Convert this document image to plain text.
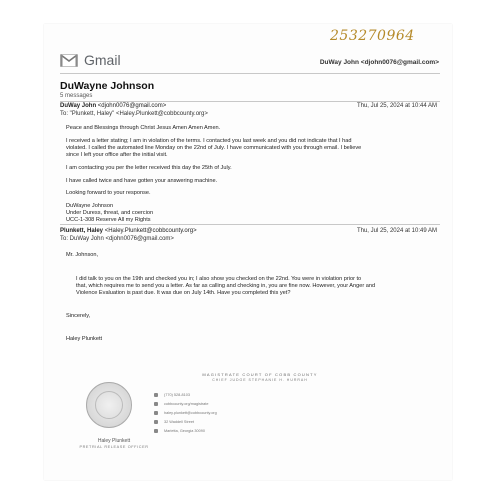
253270964
Gmail	DuWay John <djohn0076@gmail.com>
DuWayne Johnson
5 messages
DuWay John <djohn0076@gmail.com>	Thu, Jul 25, 2024 at 10:44 AM
To: "Plunkett, Haley" <Haley.Plunkett@cobbcounty.org>

Peace and Blessings through Christ Jesus Amen Amen Amen.

I received a letter stating; I am in violation of the terms. I contacted you last week and you did not indicate that I had
violated. I called the automated line Monday on the 22nd of July. I have communicated with you through email. I believe
since I left your office after the initial visit.

I am contacting you per the letter received this day the 25th of July.

I have called twice and have gotten your answering machine.

Looking forward to your response.

DuWayne Johnson
Under Duress, threat, and coercion
UCC-1-308 Reserve All my Rights

Plunkett, Haley <Haley.Plunkett@cobbcounty.org>	Thu, Jul 25, 2024 at 10:49 AM
To: DuWay John <djohn0076@gmail.com>
Mr. Johnson,
I did talk to you on the 19th and checked you in; I also show you checked on the 22nd. You were in violation prior to
that, which requires me to send you a letter. As far as calling and checking in, you are fine now. However, your Anger and
Violence Evaluation is past due. It was due on July 14th. Have you completed this yet?
Sincerely,
Haley Plunkett
MAGISTRATE COURT OF COBB COUNTY
CHIEF JUDGE STEPHANIE H. HURRAH
Haley Plunkett
PRETRIAL RELEASE OFFICER
(770) 528-8103
cobbcounty.org/magistrate
haley.plunkett@cobbcounty.org
32 Waddell Street
Marietta, Georgia 30090
